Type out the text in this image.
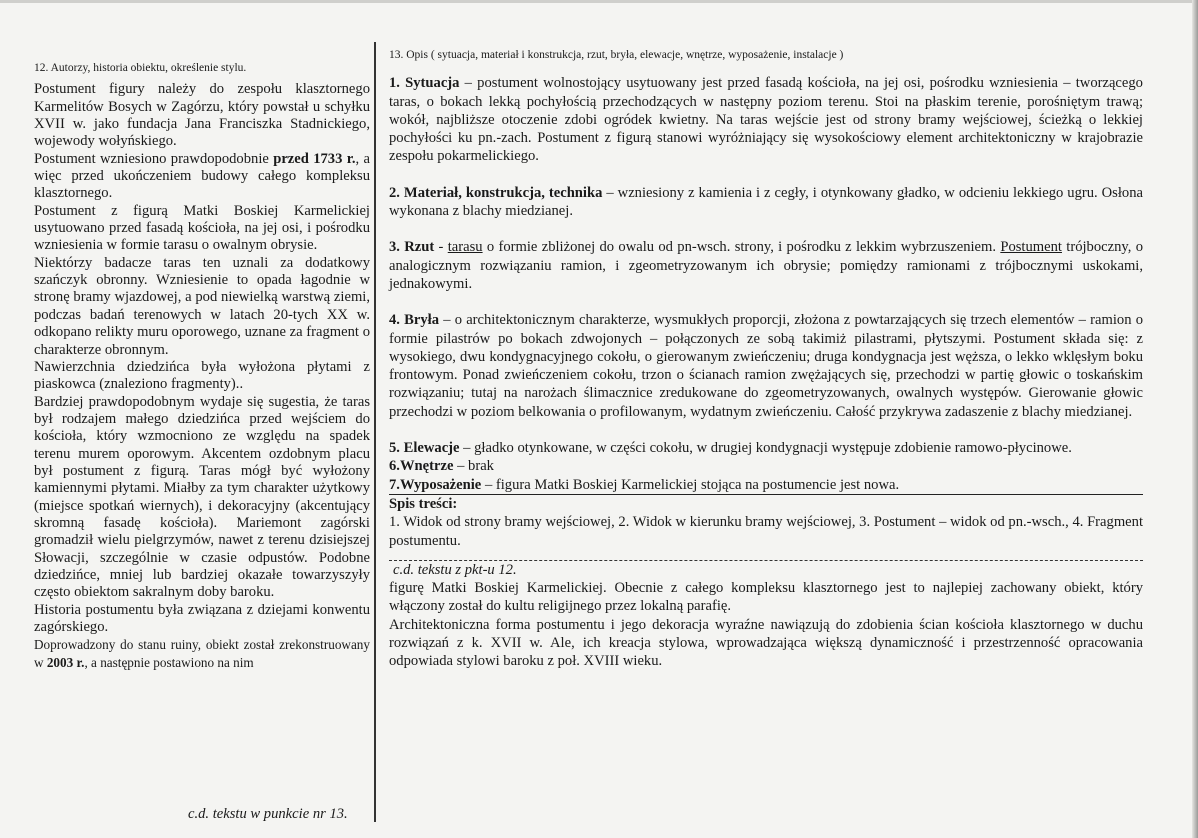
12. Autorzy, historia obiektu, określenie stylu.

Postument figury należy do zespołu klasztornego Karmelitów Bosych w Zagórzu, który powstał u schyłku XVII w. jako fundacja Jana Franciszka Stadnickiego, wojewody wołyńskiego.

Postument wzniesiono prawdopodobnie przed 1733 r., a więc przed ukończeniem budowy całego kompleksu klasztornego.

Postument z figurą Matki Boskiej Karmelickiej usytuowano przed fasadą kościoła, na jej osi, i pośrodku wzniesienia w formie tarasu o owalnym obrysie.

Niektórzy badacze taras ten uznali za dodatkowy szańczyk obronny. Wzniesienie to opada łagodnie w stronę bramy wjazdowej, a pod niewielką warstwą ziemi, podczas badań terenowych w latach 20-tych XX w. odkopano relikty muru oporowego, uznane za fragment o charakterze obronnym.

Nawierzchnia dziedzińca była wyłożona płytami z piaskowca (znaleziono fragmenty)..

Bardziej prawdopodobnym wydaje się sugestia, że taras był rodzajem małego dziedzińca przed wejściem do kościoła, który wzmocniono ze względu na spadek terenu murem oporowym. Akcentem ozdobnym placu był postument z figurą. Taras mógł być wyłożony kamiennymi płytami. Miałby za tym charakter użytkowy (miejsce spotkań wiernych), i dekoracyjny (akcentujący skromną fasadę kościoła). Mariemont zagórski gromadził wielu pielgrzymów, nawet z terenu dzisiejszej Słowacji, szczególnie w czasie odpustów. Podobne dziedzińce, mniej lub bardziej okazałe towarzyszyły często obiektom sakralnym doby baroku.

Historia postumentu była związana z dziejami konwentu zagórskiego.

Doprowadzony do stanu ruiny, obiekt został zrekonstruowany w 2003 r., a następnie postawiono na nim

c.d. tekstu w punkcie nr 13.
13. Opis ( sytuacja, materiał i konstrukcja, rzut, bryła, elewacje, wnętrze, wyposażenie, instalacje )

1. Sytuacja – postument wolnostojący usytuowany jest przed fasadą kościoła, na jej osi, pośrodku wzniesienia – tworzącego taras, o bokach lekką pochyłością przechodzących w następny poziom terenu. Stoi na płaskim terenie, porośniętym trawą; wokół, najbliższe otoczenie zdobi ogródek kwietny. Na taras wejście jest od strony bramy wejściowej, ścieżką o lekkiej pochyłości ku pn.-zach. Postument z figurą stanowi wyróżniający się wysokościowy element architektoniczny w krajobrazie zespołu pokarmelickiego.

2. Materiał, konstrukcja, technika – wzniesiony z kamienia i z cegły, i otynkowany gładko, w odcieniu lekkiego ugru. Osłona wykonana z blachy miedzianej.

3. Rzut - tarasu o formie zbliżonej do owalu od pn-wsch. strony, i pośrodku z lekkim wybrzuszeniem. Postument trójboczny, o analogicznym rozwiązaniu ramion, i zgeometryzowanym ich obrysie; pomiędzy ramionami z trójbocznymi uskokami, jednakowymi.

4. Bryła – o architektonicznym charakterze, wysmukłych proporcji, złożona z powtarzających się trzech elementów – ramion o formie pilastrów po bokach zdwojonych – połączonych ze sobą takimiż pilastrami, płytszymi. Postument składa się: z wysokiego, dwu kondygnacyjnego cokołu, o gierowanym zwieńczeniu; druga kondygnacja jest węższa, o lekko wklęsłym boku frontowym. Ponad zwieńczeniem cokołu, trzon o ścianach ramion zwężających się, przechodzi w partię głowic o toskańskim rozwiązaniu; tutaj na narożach ślimacznice zredukowane do zgeometryzowanych, owalnych występów. Gierowanie głowic przechodzi w poziom belkowania o profilowanym, wydatnym zwieńczeniu. Całość przykrywa zadaszenie z blachy miedzianej.

5. Elewacje – gładko otynkowane, w części cokołu, w drugiej kondygnacji występuje zdobienie ramowo-płycinowe.

6.Wnętrze – brak

7.Wyposażenie – figura Matki Boskiej Karmelickiej stojąca na postumencie jest nowa.

Spis treści:

1. Widok od strony bramy wejściowej, 2. Widok w kierunku bramy wejściowej, 3. Postument – widok od pn.-wsch., 4. Fragment postumentu.

c.d. tekstu z pkt-u 12.

figurę Matki Boskiej Karmelickiej. Obecnie z całego kompleksu klasztornego jest to najlepiej zachowany obiekt, który włączony został do kultu religijnego przez lokalną parafię.

Architektoniczna forma postumentu i jego dekoracja wyraźne nawiązują do zdobienia ścian kościoła klasztornego w duchu rozwiązań z k. XVII w. Ale, ich kreacja stylowa, wprowadzająca większą dynamiczność i przestrzenność opracowania odpowiada stylowi baroku z poł. XVIII wieku.
